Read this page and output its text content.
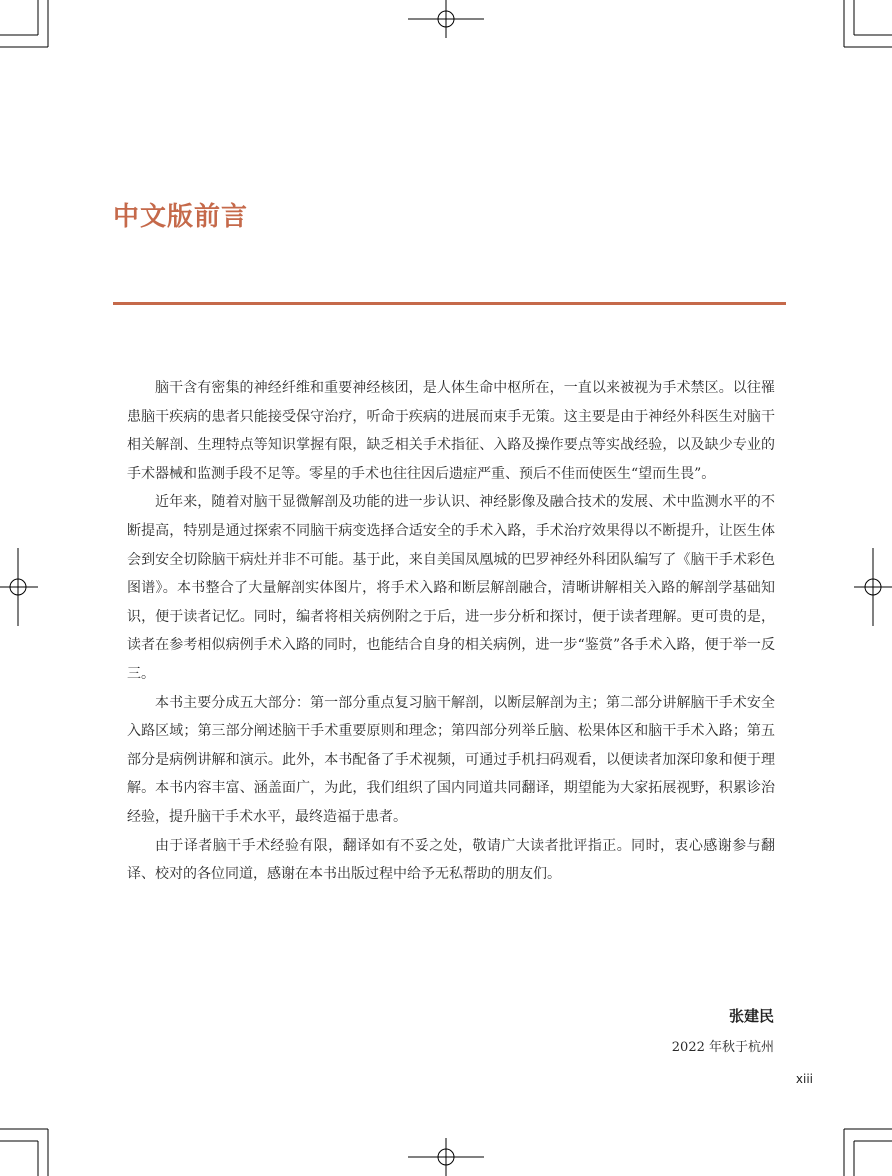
中文版前言

脑干含有密集的神经纤维和重要神经核团，是人体生命中枢所在，一直以来被视为手术禁区。以往罹患脑干疾病的患者只能接受保守治疗，听命于疾病的进展而束手无策。这主要是由于神经外科医生对脑干相关解剖、生理特点等知识掌握有限，缺乏相关手术指征、入路及操作要点等实战经验，以及缺少专业的手术器械和监测手段不足等。零星的手术也往往因后遗症严重、预后不佳而使医生“望而生畏”。

近年来，随着对脑干显微解剖及功能的进一步认识、神经影像及融合技术的发展、术中监测水平的不断提高，特别是通过探索不同脑干病变选择合适安全的手术入路，手术治疗效果得以不断提升，让医生体会到安全切除脑干病灶并非不可能。基于此，来自美国凤凰城的巴罗神经外科团队编写了《脑干手术彩色图谱》。本书整合了大量解剖实体图片，将手术入路和断层解剖融合，清晰讲解相关入路的解剖学基础知识，便于读者记忆。同时，编者将相关病例附之于后，进一步分析和探讨，便于读者理解。更可贵的是，读者在参考相似病例手术入路的同时，也能结合自身的相关病例，进一步“鉴赏”各手术入路，便于举一反三。

本书主要分成五大部分：第一部分重点复习脑干解剖，以断层解剖为主；第二部分讲解脑干手术安全入路区域；第三部分阐述脑干手术重要原则和理念；第四部分列举丘脑、松果体区和脑干手术入路；第五部分是病例讲解和演示。此外，本书配备了手术视频，可通过手机扫码观看，以便读者加深印象和便于理解。本书内容丰富、涵盖面广，为此，我们组织了国内同道共同翻译，期望能为大家拓展视野，积累诊治经验，提升脑干手术水平，最终造福于患者。

由于译者脑干手术经验有限，翻译如有不妥之处，敬请广大读者批评指正。同时，衷心感谢参与翻译、校对的各位同道，感谢在本书出版过程中给予无私帮助的朋友们。

张建民
2022 年秋于杭州
xiii
